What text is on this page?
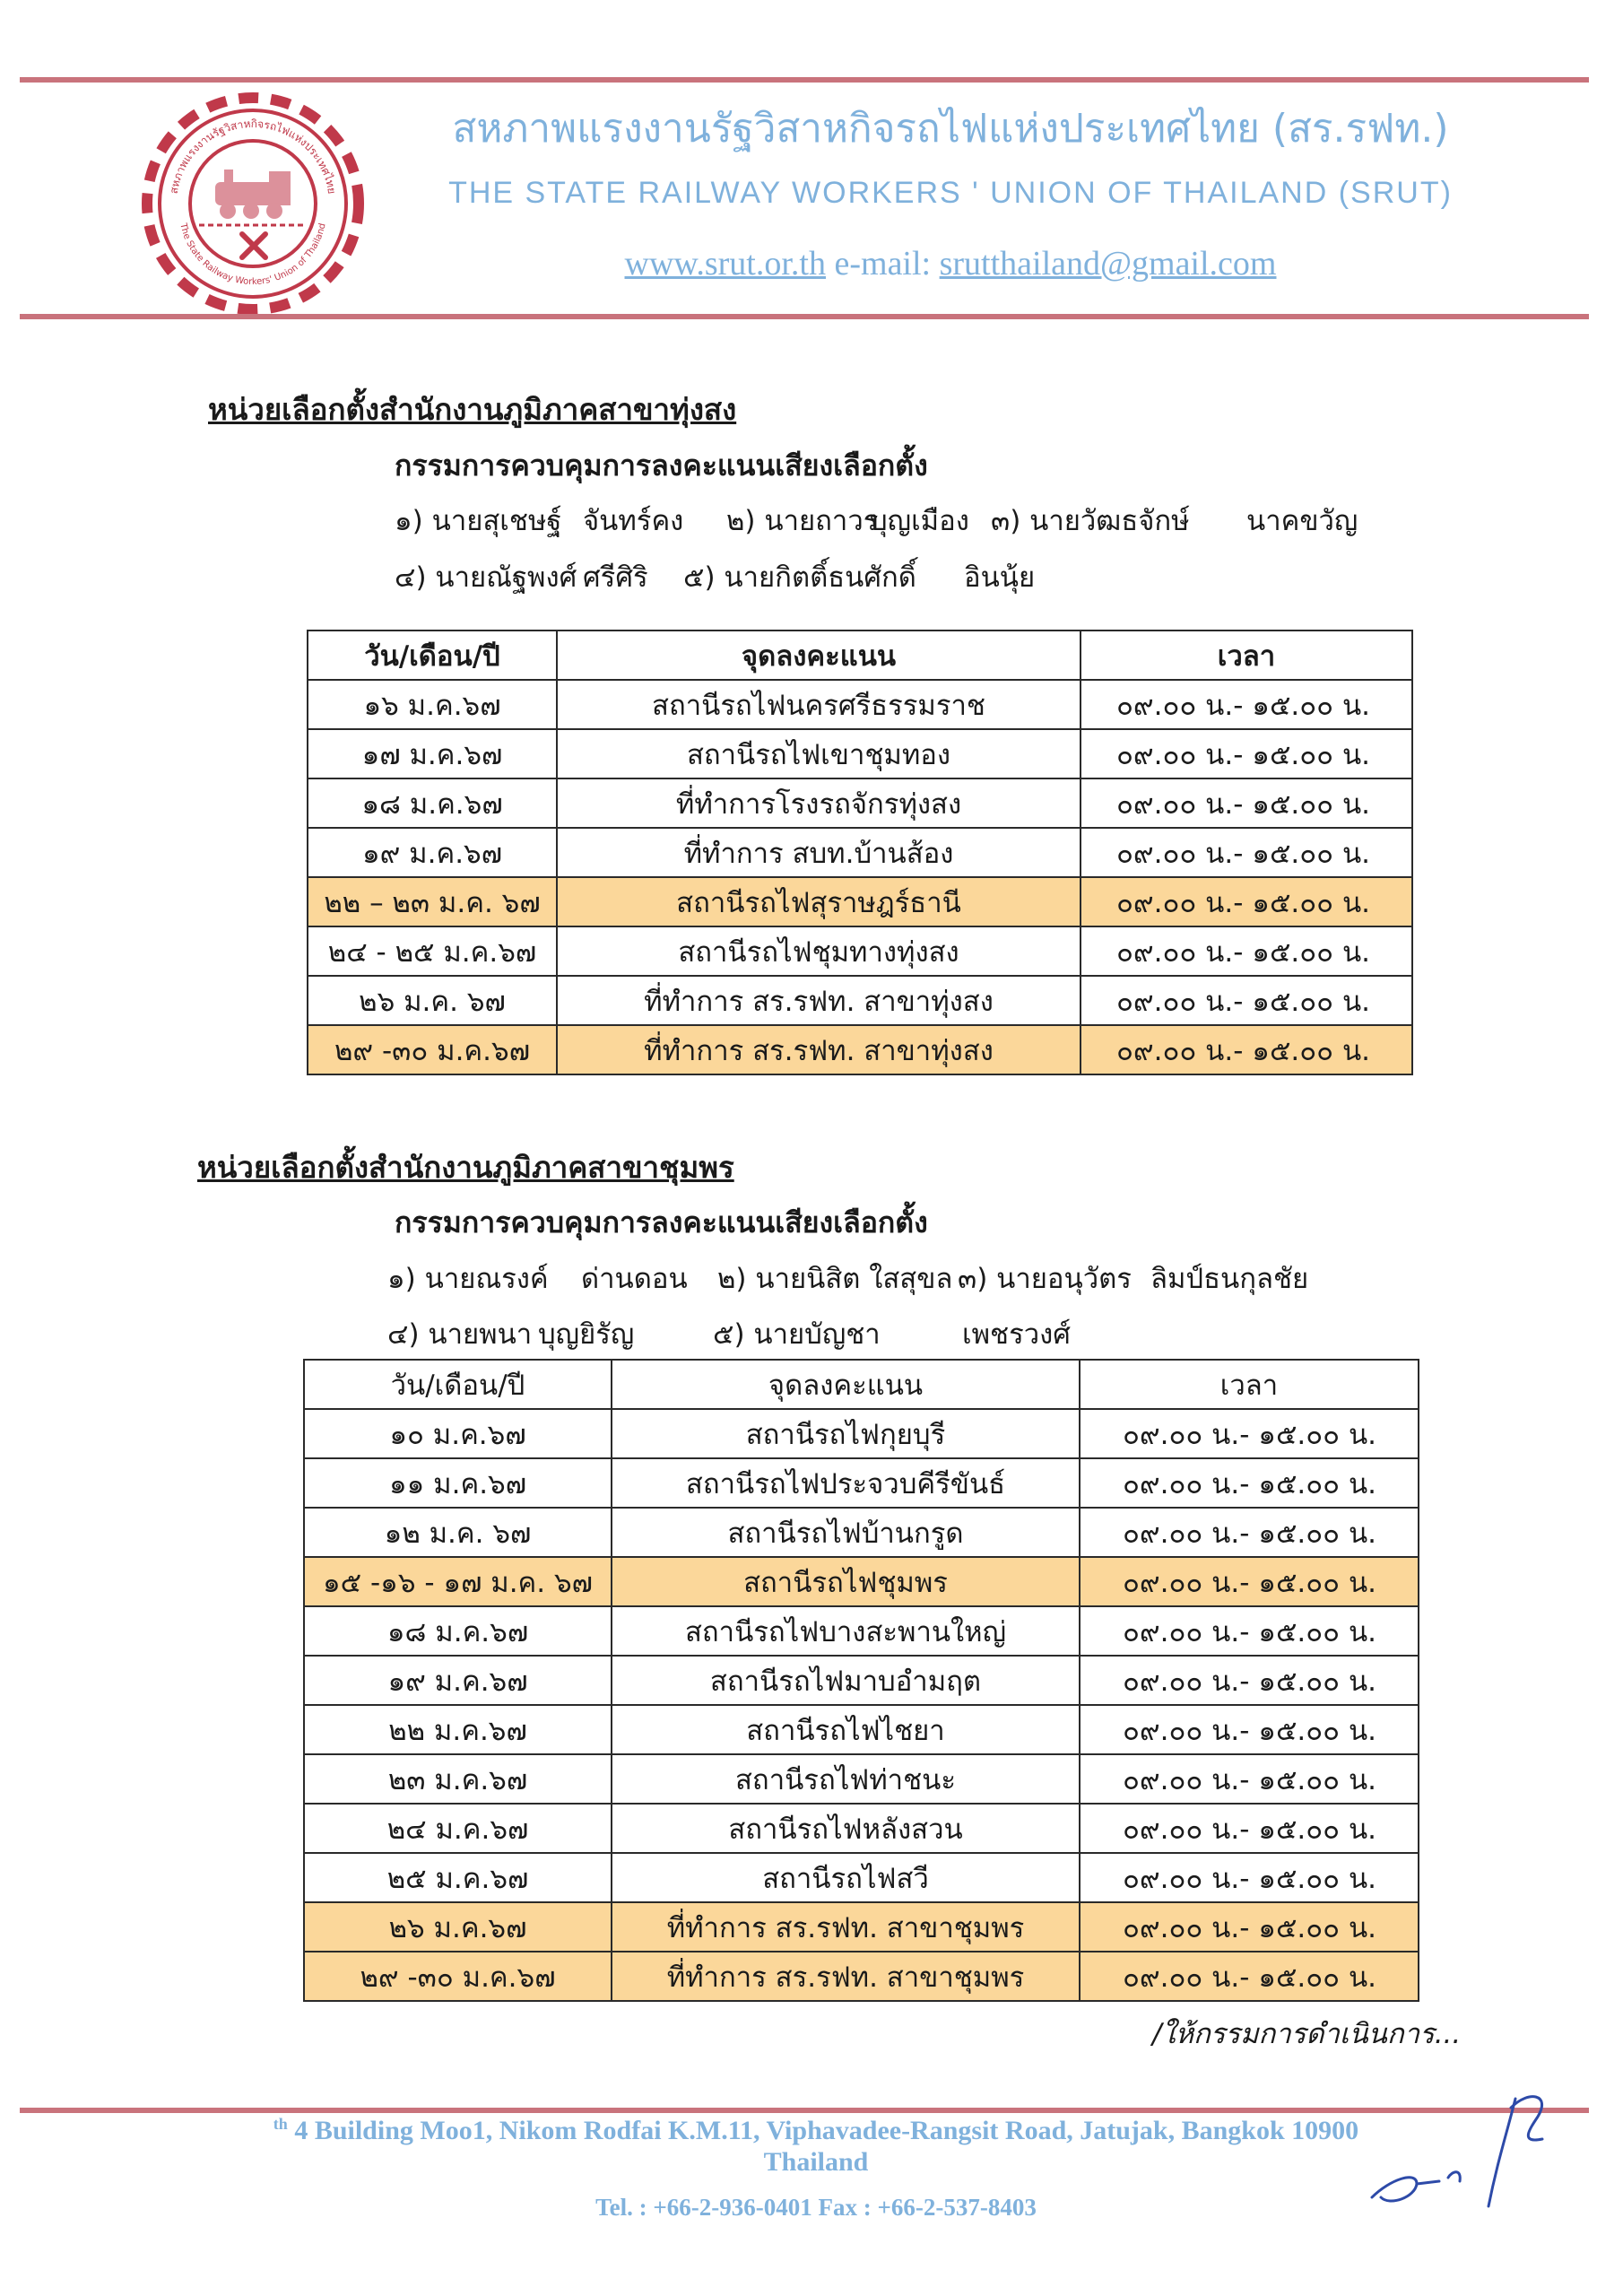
สหภาพแรงงานรัฐวิสาหกิจรถไฟแห่งประเทศไทย
The State Railway Workers' Union of Thailand
สหภาพแรงงานรัฐวิสาหกิจรถไฟแห่งประเทศไทย (สร.รฟท.)
THE STATE RAILWAY WORKERS ' UNION OF THAILAND (SRUT)
www.srut.or.th e-mail: srutthailand@gmail.com
หน่วยเลือกตั้งสำนักงานภูมิภาคสาขาทุ่งสง
กรรมการควบคุมการลงคะแนนเสียงเลือกตั้ง
๑) นายสุเชษฐ์ จันทร์คง ๒) นายถาวร
บุญเมือง ๓) นายวัฒธจักษ์ นาคขวัญ
๔) นายณัฐพงศ์ ศรีศิริ ๕) นายกิตติ์ธนศักดิ์ อินนุ้ย
วัน/เดือน/ปี	จุดลงคะแนน	เวลา
๑๖ ม.ค.๖๗	สถานีรถไฟนครศรีธรรมราช	๐๙.๐๐ น.- ๑๕.๐๐ น.
๑๗ ม.ค.๖๗	สถานีรถไฟเขาชุมทอง	๐๙.๐๐ น.- ๑๕.๐๐ น.
๑๘ ม.ค.๖๗	ที่ทำการโรงรถจักรทุ่งสง	๐๙.๐๐ น.- ๑๕.๐๐ น.
๑๙ ม.ค.๖๗	ที่ทำการ สบท.บ้านส้อง	๐๙.๐๐ น.- ๑๕.๐๐ น.
๒๒ – ๒๓ ม.ค. ๖๗	สถานีรถไฟสุราษฎร์ธานี	๐๙.๐๐ น.- ๑๕.๐๐ น.
๒๔ - ๒๕ ม.ค.๖๗	สถานีรถไฟชุมทางทุ่งสง	๐๙.๐๐ น.- ๑๕.๐๐ น.
๒๖ ม.ค. ๖๗	ที่ทำการ สร.รฟท. สาขาทุ่งสง	๐๙.๐๐ น.- ๑๕.๐๐ น.
๒๙ -๓๐ ม.ค.๖๗	ที่ทำการ สร.รฟท. สาขาทุ่งสง	๐๙.๐๐ น.- ๑๕.๐๐ น.
หน่วยเลือกตั้งสำนักงานภูมิภาคสาขาชุมพร
กรรมการควบคุมการลงคะแนนเสียงเลือกตั้ง
๑) นายณรงค์ ด่านดอน ๒) นายนิสิต ใสสุขล ๓) นายอนุวัตร ลิมป์ธนกุลชัย
๔) นายพนา บุญยิรัญ	๕) นายบัญชา	เพชรวงศ์
วัน/เดือน/ปี	จุดลงคะแนน	เวลา
๑๐ ม.ค.๖๗	สถานีรถไฟกุยบุรี	๐๙.๐๐ น.- ๑๕.๐๐ น.
๑๑ ม.ค.๖๗	สถานีรถไฟประจวบคีรีขันธ์	๐๙.๐๐ น.- ๑๕.๐๐ น.
๑๒ ม.ค. ๖๗	สถานีรถไฟบ้านกรูด	๐๙.๐๐ น.- ๑๕.๐๐ น.
๑๕ -๑๖ - ๑๗ ม.ค. ๖๗	สถานีรถไฟชุมพร	๐๙.๐๐ น.- ๑๕.๐๐ น.
๑๘ ม.ค.๖๗	สถานีรถไฟบางสะพานใหญ่	๐๙.๐๐ น.- ๑๕.๐๐ น.
๑๙ ม.ค.๖๗	สถานีรถไฟมาบอำมฤต	๐๙.๐๐ น.- ๑๕.๐๐ น.
๒๒ ม.ค.๖๗	สถานีรถไฟไชยา	๐๙.๐๐ น.- ๑๕.๐๐ น.
๒๓ ม.ค.๖๗	สถานีรถไฟท่าชนะ	๐๙.๐๐ น.- ๑๕.๐๐ น.
๒๔ ม.ค.๖๗	สถานีรถไฟหลังสวน	๐๙.๐๐ น.- ๑๕.๐๐ น.
๒๕ ม.ค.๖๗	สถานีรถไฟสวี	๐๙.๐๐ น.- ๑๕.๐๐ น.
๒๖ ม.ค.๖๗	ที่ทำการ สร.รฟท. สาขาชุมพร	๐๙.๐๐ น.- ๑๕.๐๐ น.
๒๙ -๓๐ ม.ค.๖๗	ที่ทำการ สร.รฟท. สาขาชุมพร	๐๙.๐๐ น.- ๑๕.๐๐ น.
/ให้กรรมการดำเนินการ...
$^{th}$ 4 Building Moo1, Nikom Rodfai K.M.11, Viphavadee-Rangsit Road, Jatujak, Bangkok 10900
Thailand
Tel. : +66-2-936-0401 Fax : +66-2-537-8403
